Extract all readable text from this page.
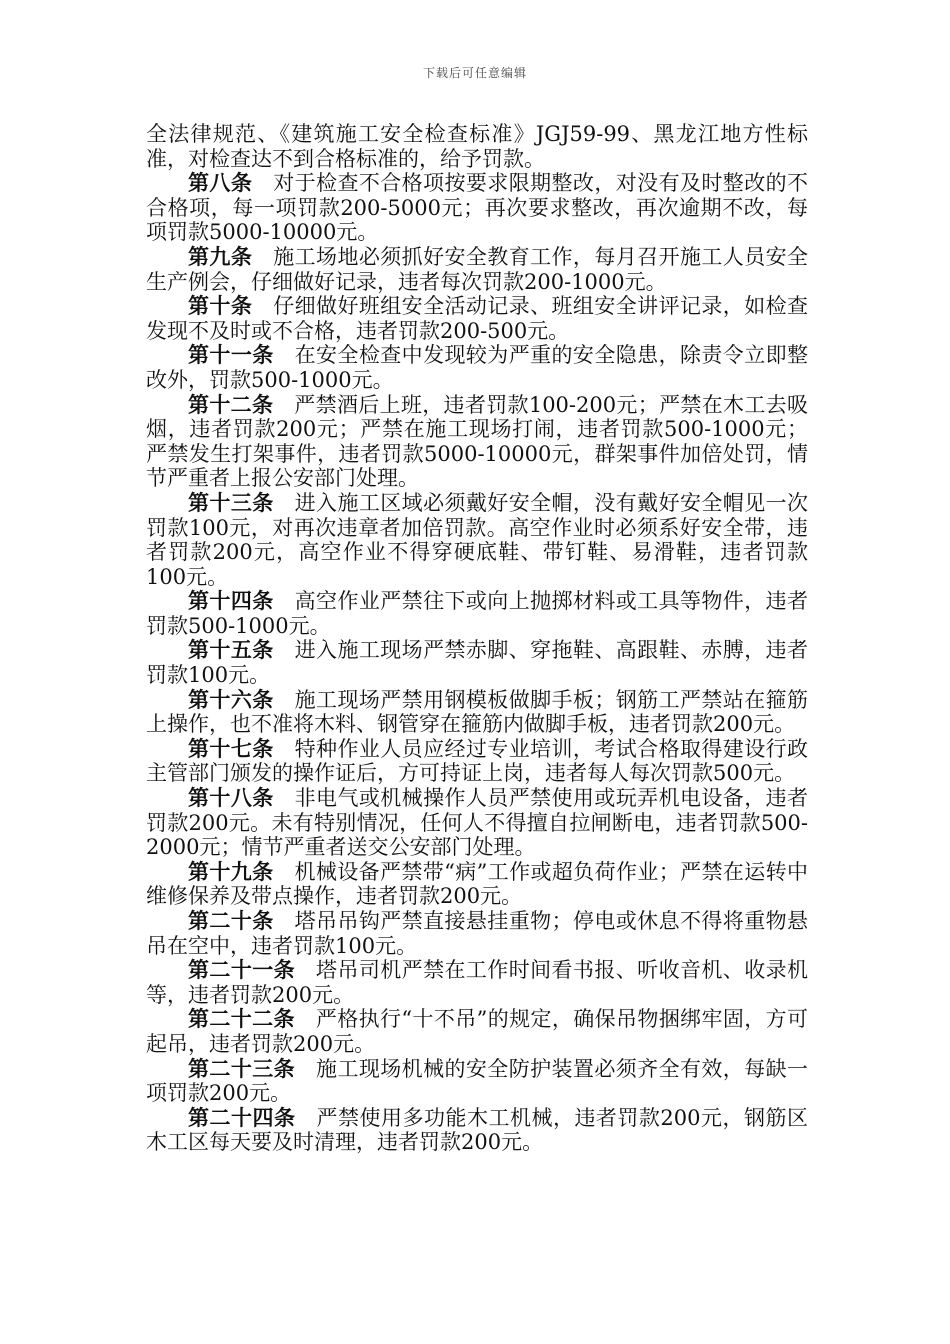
下载后可任意编辑

全法律规范、《建筑施工安全检查标准》JGJ59-99、黑龙江地方性标准，对检查达不到合格标准的，给予罚款。

第八条 对于检查不合格项按要求限期整改，对没有及时整改的不合格项，每一项罚款200-5000元；再次要求整改，再次逾期不改，每项罚款5000-10000元。

第九条 施工场地必须抓好安全教育工作，每月召开施工人员安全生产例会，仔细做好记录，违者每次罚款200-1000元。

第十条 仔细做好班组安全活动记录、班组安全讲评记录，如检查发现不及时或不合格，违者罚款200-500元。

第十一条 在安全检查中发现较为严重的安全隐患，除责令立即整改外，罚款500-1000元。

第十二条 严禁酒后上班，违者罚款100-200元；严禁在木工去吸烟，违者罚款200元；严禁在施工现场打闹，违者罚款500-1000元；严禁发生打架事件，违者罚款5000-10000元，群架事件加倍处罚，情节严重者上报公安部门处理。

第十三条 进入施工区域必须戴好安全帽，没有戴好安全帽见一次罚款100元，对再次违章者加倍罚款。高空作业时必须系好安全带，违者罚款200元，高空作业不得穿硬底鞋、带钉鞋、易滑鞋，违者罚款100元。

第十四条 高空作业严禁往下或向上抛掷材料或工具等物件，违者罚款500-1000元。

第十五条 进入施工现场严禁赤脚、穿拖鞋、高跟鞋、赤膊，违者罚款100元。

第十六条 施工现场严禁用钢模板做脚手板；钢筋工严禁站在箍筋上操作，也不准将木料、钢管穿在箍筋内做脚手板，违者罚款200元。

第十七条 特种作业人员应经过专业培训，考试合格取得建设行政主管部门颁发的操作证后，方可持证上岗，违者每人每次罚款500元。

第十八条 非电气或机械操作人员严禁使用或玩弄机电设备，违者罚款200元。未有特别情况，任何人不得擅自拉闸断电，违者罚款500-2000元；情节严重者送交公安部门处理。

第十九条 机械设备严禁带“病”工作或超负荷作业；严禁在运转中维修保养及带点操作，违者罚款200元。

第二十条 塔吊吊钩严禁直接悬挂重物；停电或休息不得将重物悬吊在空中，违者罚款100元。

第二十一条 塔吊司机严禁在工作时间看书报、听收音机、收录机等，违者罚款200元。

第二十二条 严格执行“十不吊”的规定，确保吊物捆绑牢固，方可起吊，违者罚款200元。

第二十三条 施工现场机械的安全防护装置必须齐全有效，每缺一项罚款200元。

第二十四条 严禁使用多功能木工机械，违者罚款200元，钢筋区木工区每天要及时清理，违者罚款200元。
